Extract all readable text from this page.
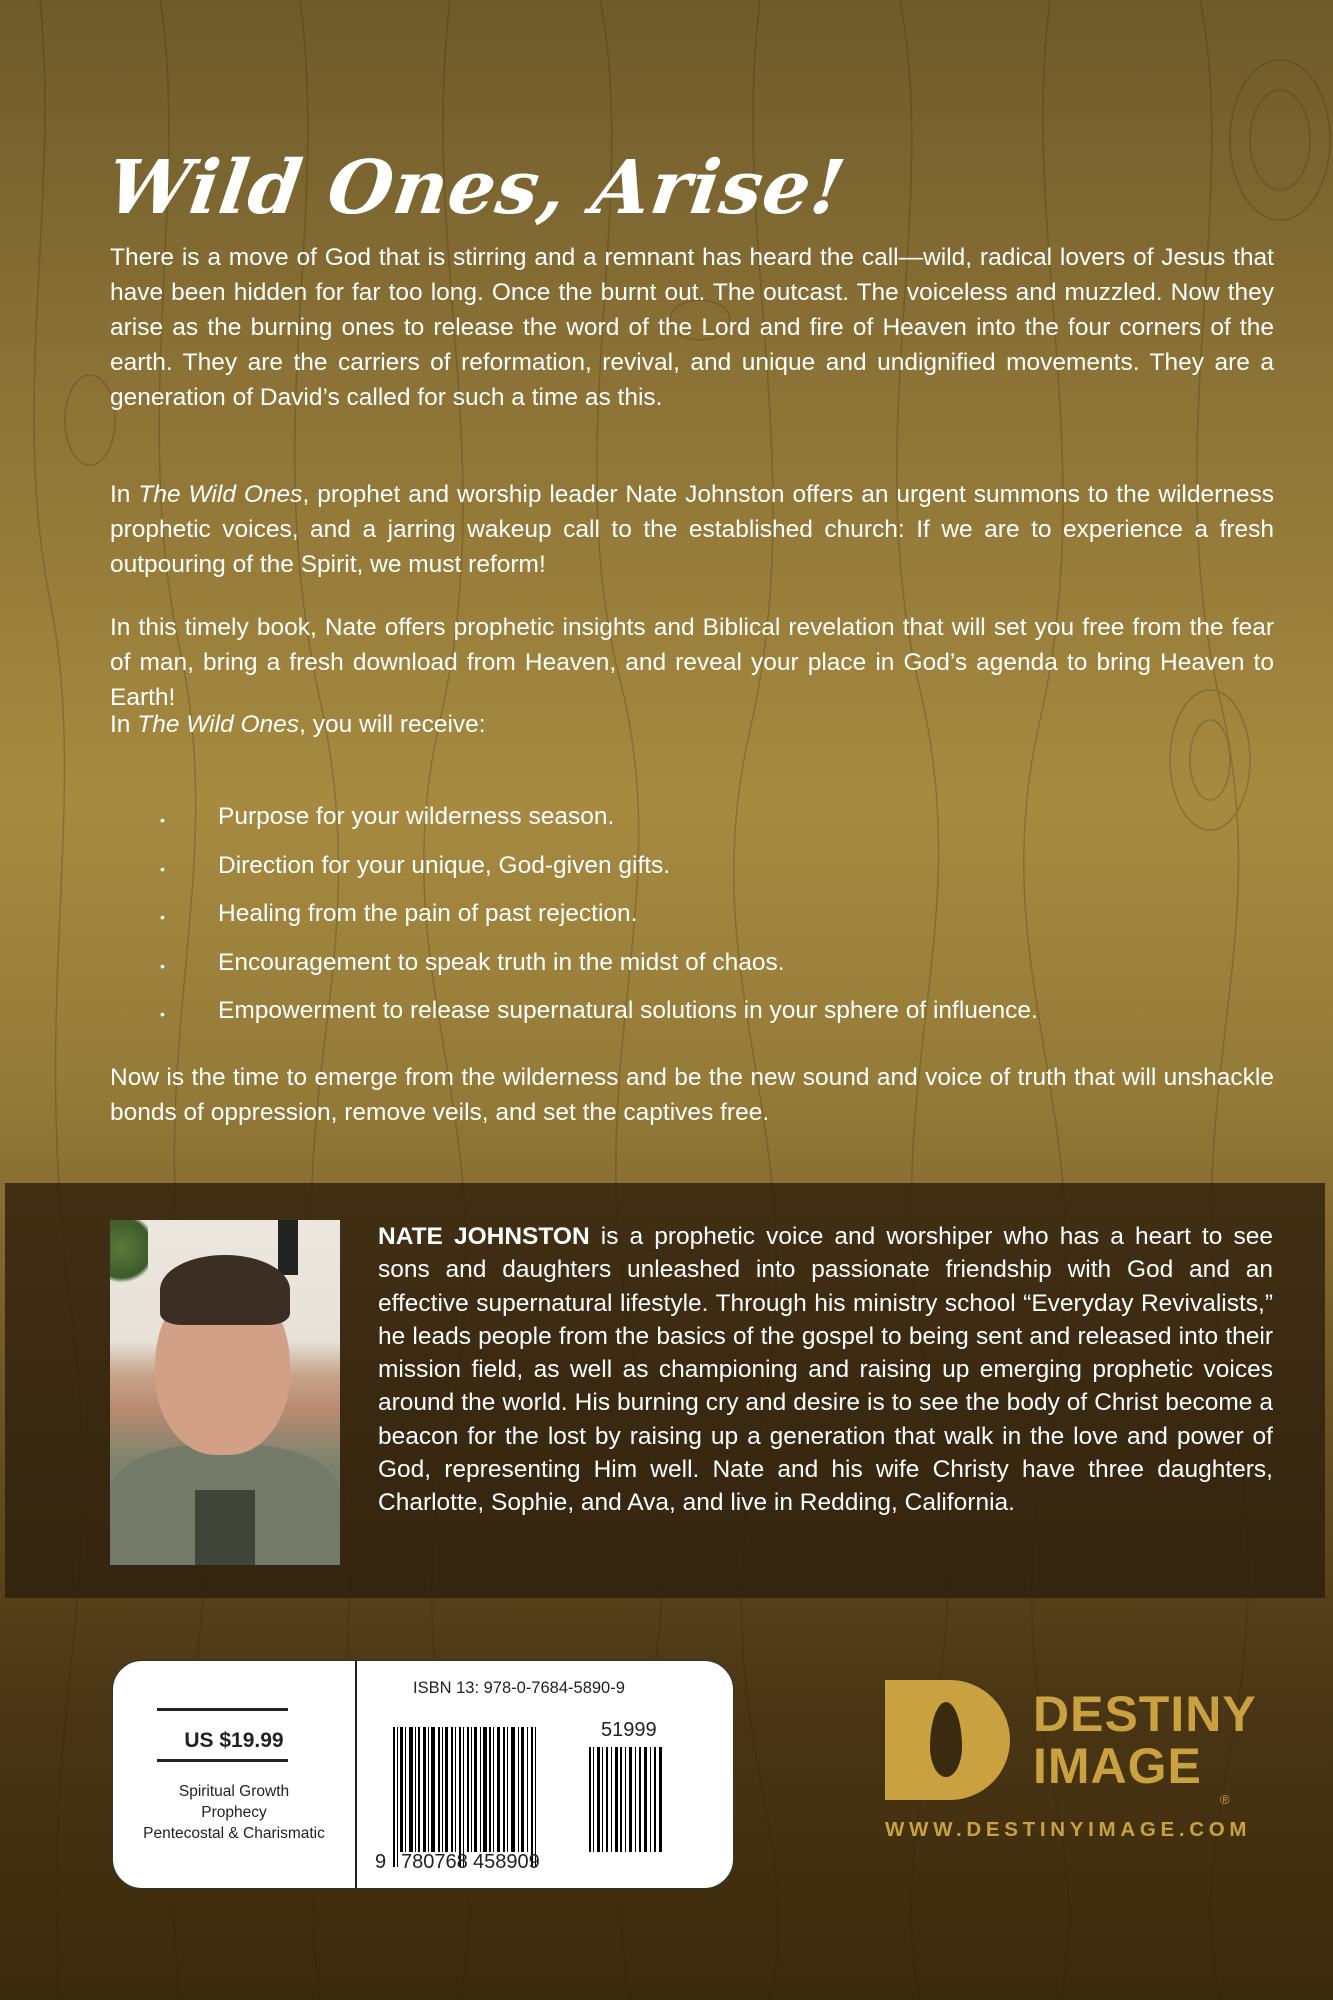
Wild Ones, Arise!

There is a move of God that is stirring and a remnant has heard the call—wild, radical lovers of Jesus that have been hidden for far too long. Once the burnt out. The outcast. The voiceless and muzzled. Now they arise as the burning ones to release the word of the Lord and fire of Heaven into the four corners of the earth. They are the carriers of reformation, revival, and unique and undignified movements. They are a generation of David’s called for such a time as this.

In The Wild Ones, prophet and worship leader Nate Johnston offers an urgent summons to the wilderness prophetic voices, and a jarring wakeup call to the established church: If we are to experience a fresh outpouring of the Spirit, we must reform!

In this timely book, Nate offers prophetic insights and Biblical revelation that will set you free from the fear of man, bring a fresh download from Heaven, and reveal your place in God’s agenda to bring Heaven to Earth!

In The Wild Ones, you will receive:

•	Purpose for your wilderness season.
•	Direction for your unique, God-given gifts.
•	Healing from the pain of past rejection.
•	Encouragement to speak truth in the midst of chaos.
•	Empowerment to release supernatural solutions in your sphere of influence.

Now is the time to emerge from the wilderness and be the new sound and voice of truth that will unshackle bonds of oppression, remove veils, and set the captives free.

NATE JOHNSTON is a prophetic voice and worshiper who has a heart to see sons and daughters unleashed into passionate friendship with God and an effective supernatural lifestyle. Through his ministry school “Everyday Revivalists,” he leads people from the basics of the gospel to being sent and released into their mission field, as well as championing and raising up emerging prophetic voices around the world. His burning cry and desire is to see the body of Christ become a beacon for the lost by raising up a generation that walk in the love and power of God, representing Him well. Nate and his wife Christy have three daughters, Charlotte, Sophie, and Ava, and live in Redding, California.
US $19.99
Spiritual Growth
Prophecy
Pentecostal & Charismatic
ISBN 13: 978-0-7684-5890-9
9 780768 458909
51999	DESTINY
IMAGE
®
WWW.DESTINYIMAGE.COM
